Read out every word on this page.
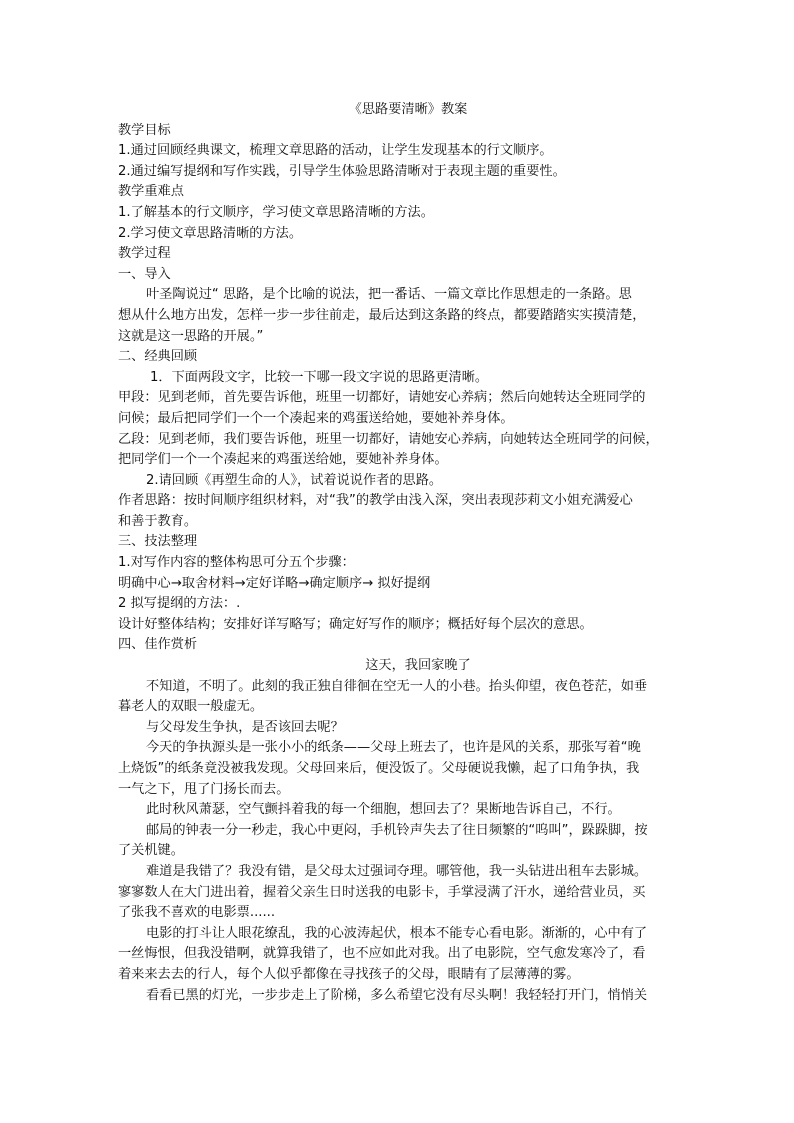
《思路要清晰》教案
教学目标
1.通过回顾经典课文，梳理文章思路的活动，让学生发现基本的行文顺序。
2.通过编写提纲和写作实践，引导学生体验思路清晰对于表现主题的重要性。
教学重难点
1.了解基本的行文顺序，学习使文章思路清晰的方法。
2.学习使文章思路清晰的方法。
教学过程
一、导入
叶圣陶说过“ 思路，是个比喻的说法，把一番话、一篇文章比作思想走的一条路。思
想从什么地方出发，怎样一步一步往前走，最后达到这条路的终点，都要踏踏实实摸清楚，
这就是这一思路的开展。”
二、经典回顾
1．下面两段文字，比较一下哪一段文字说的思路更清晰。
甲段：见到老师，首先要告诉他，班里一切都好，请她安心养病；然后向她转达全班同学的
问候；最后把同学们一个一个凑起来的鸡蛋送给她，要她补养身体。
乙段：见到老师，我们要告诉他，班里一切都好，请她安心养病，向她转达全班同学的问候，
把同学们一个一个凑起来的鸡蛋送给她，要她补养身体。
2.请回顾《再塑生命的人》，试着说说作者的思路。
作者思路：按时间顺序组织材料，对“我”的教学由浅入深，突出表现莎莉文小姐充满爱心
和善于教育。
三、技法整理
1.对写作内容的整体构思可分五个步骤：
明确中心→取舍材料→定好详略→确定顺序→ 拟好提纲
2 拟写提纲的方法：.
设计好整体结构；安排好详写略写；确定好写作的顺序；概括好每个层次的意思。
四、佳作赏析
这天，我回家晚了
不知道，不明了。此刻的我正独自徘徊在空无一人的小巷。抬头仰望，夜色苍茫，如垂
暮老人的双眼一般虚无。
与父母发生争执，是否该回去呢？
今天的争执源头是一张小小的纸条——父母上班去了，也许是风的关系，那张写着“晚
上烧饭”的纸条竟没被我发现。父母回来后，便没饭了。父母硬说我懒，起了口角争执，我
一气之下，甩了门扬长而去。
此时秋风萧瑟，空气颤抖着我的每一个细胞，想回去了？果断地告诉自己，不行。
邮局的钟表一分一秒走，我心中更闷，手机铃声失去了往日频繁的“呜叫”，跺跺脚，按
了关机键。
难道是我错了？我没有错，是父母太过强词夺理。哪管他，我一头钻进出租车去影城。
寥寥数人在大门进出着，握着父亲生日时送我的电影卡，手掌浸满了汗水，递给营业员，买
了张我不喜欢的电影票......
电影的打斗让人眼花缭乱，我的心波涛起伏，根本不能专心看电影。渐渐的，心中有了
一丝悔恨，但我没错啊，就算我错了，也不应如此对我。出了电影院，空气愈发寒冷了，看
着来来去去的行人，每个人似乎都像在寻找孩子的父母，眼睛有了层薄薄的雾。
看看已黑的灯光，一步步走上了阶梯，多么希望它没有尽头啊！我轻轻打开门，悄悄关
